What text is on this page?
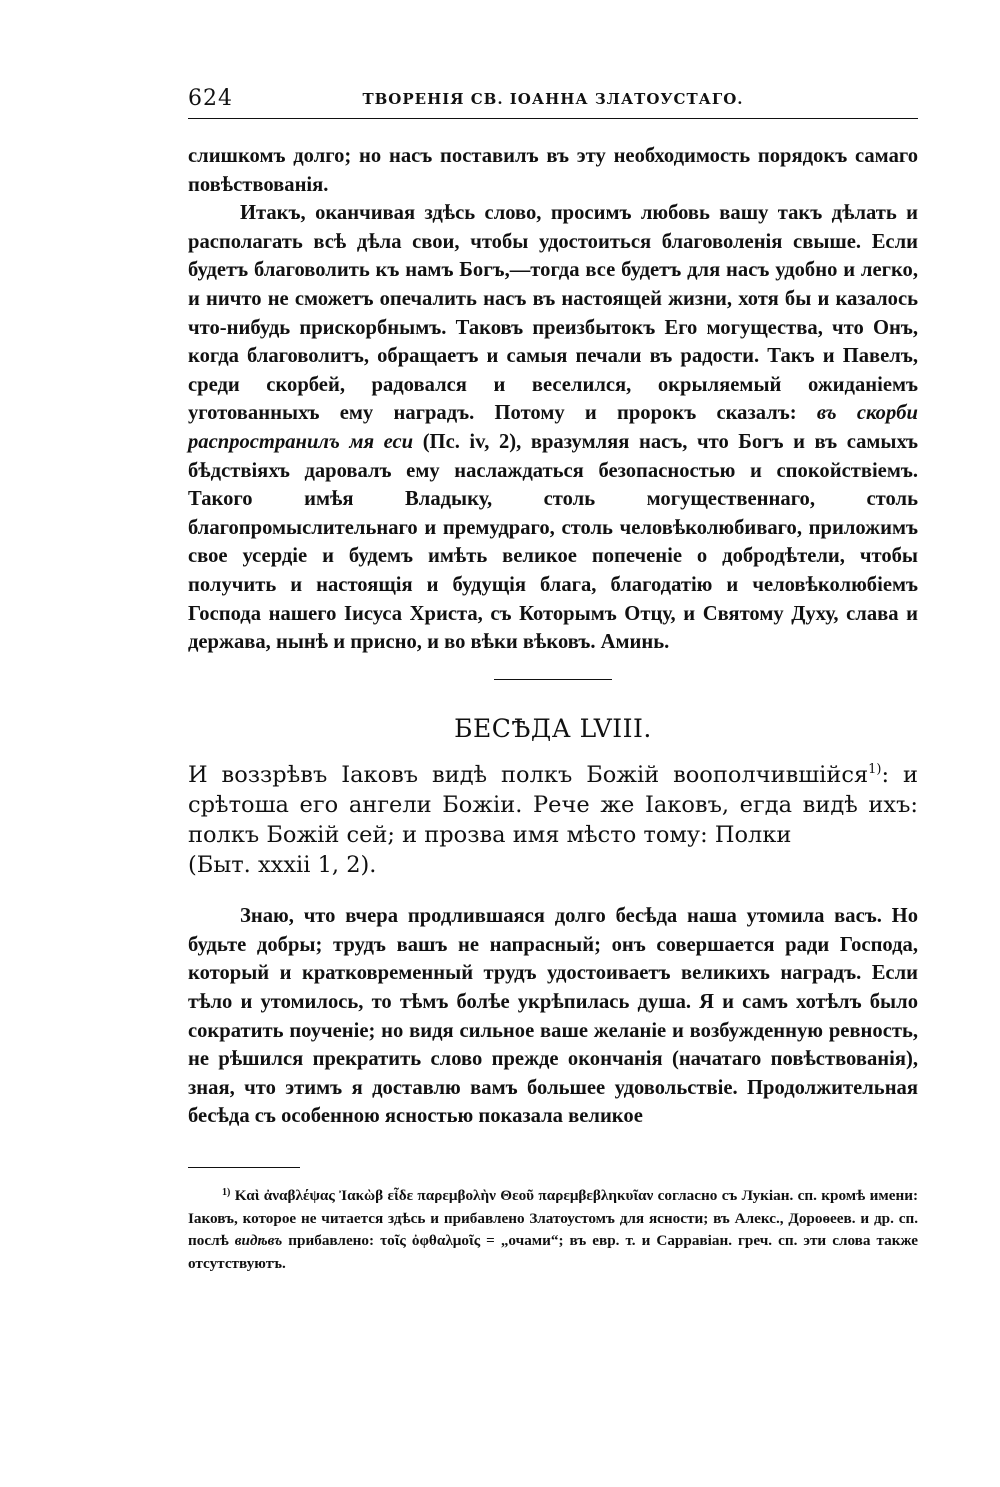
624	ТВОРЕНІЯ СВ. ІОАННА ЗЛАТОУСТАГО.

слишкомъ долго; но насъ поставилъ въ эту необходимость порядокъ самаго повѣствованія.

Итакъ, оканчивая здѣсь слово, просимъ любовь вашу такъ дѣлать и располагать всѣ дѣла свои, чтобы удостоиться благоволенія свыше. Если будетъ благоволить къ намъ Богъ,—тогда все будетъ для насъ удобно и легко, и ничто не сможетъ опечалить насъ въ настоящей жизни, хотя бы и казалось что-нибудь прискорбнымъ. Таковъ преизбытокъ Его могущества, что Онъ, когда благоволитъ, обращаетъ и самыя печали въ радости. Такъ и Павелъ, среди скорбей, радовался и веселился, окрыляемый ожиданіемъ уготованныхъ ему наградъ. Потому и пророкъ сказалъ: въ скорби распространилъ мя еси (Пс. iv, 2), вразумляя насъ, что Богъ и въ самыхъ бѣдствіяхъ даровалъ ему наслаждаться безопасностью и спокойствіемъ. Такого имѣя Владыку, столь могущественнаго, столь благопромыслительнаго и премудраго, столь человѣколюбиваго, приложимъ свое усердіе и будемъ имѣть великое попеченіе о добродѣтели, чтобы получить и настоящія и будущія блага, благодатію и человѣколюбіемъ Господа нашего Іисуса Христа, съ Которымъ Отцу, и Святому Духу, слава и держава, нынѣ и присно, и во вѣки вѣковъ. Аминь.

БЕСѢДА LVIII.

И воззрѣвъ Іаковъ видѣ полкъ Божій воополчившійся$^{1)}$: и срѣтоша его ангели Божіи. Рече же Іаковъ, егда видѣ ихъ: полкъ Божій сей; и прозва имя мѣсто тому: Полки
(Быт. xxxii 1, 2).

Знаю, что вчера продлившаяся долго бесѣда наша утомила васъ. Но будьте добры; трудъ вашъ не напрасный; онъ совершается ради Господа, который и кратковременный трудъ удостоиваетъ великихъ наградъ. Если тѣло и утомилось, то тѣмъ болѣе укрѣпилась душа. Я и самъ хотѣлъ было сократить поученіе; но видя сильное ваше желаніе и возбужденную ревность, не рѣшился прекратить слово прежде окончанія (начатаго повѣствованія), зная, что этимъ я доставлю вамъ большее удовольствіе. Продолжительная бесѣда съ особенною ясностью показала великое

$^{1)}$ Καὶ ἀναβλέψας Ἰακὼβ εἶδε παρεμβολὴν Θεοῦ παρεμβεβληκυῖαν согласно съ Лукіан. сп. кромѣ имени: Іаковъ, которое не читается здѣсь и прибавлено Златоустомъ для ясности; въ Алекс., Дороѳеев. и др. сп. послѣ видѣвъ прибавлено: τοῖς ὀφθαλμοῖς = „очами“; въ евр. т. и Сарравіан. греч. сп. эти слова также отсутствуютъ.
